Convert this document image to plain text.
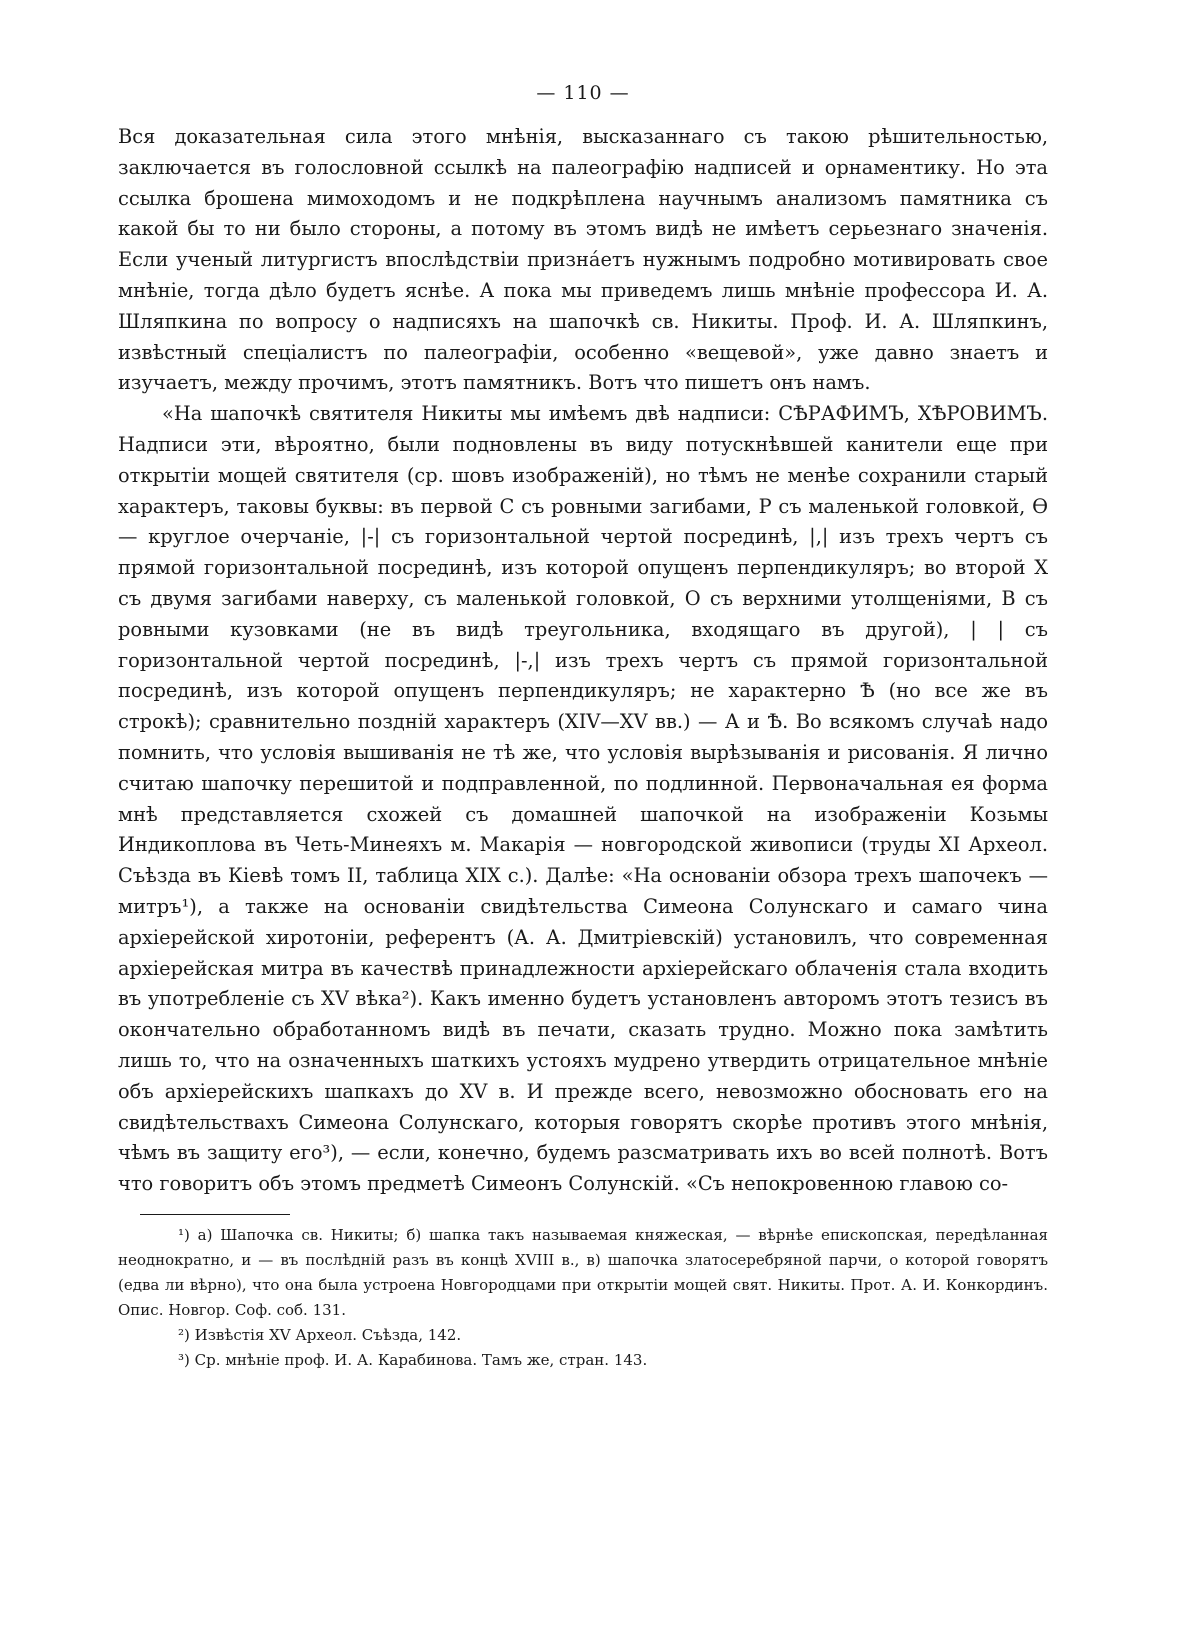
— 110 —

Вся доказательная сила этого мнѣнія, высказаннаго съ такою рѣшительностью, заключается въ голословной ссылкѣ на палеографію надписей и орнаментику. Но эта ссылка брошена мимоходомъ и не подкрѣплена научнымъ анализомъ памятника съ какой бы то ни было стороны, а потому въ этомъ видѣ не имѣетъ серьезнаго значенія. Если ученый литургистъ впослѣдствіи признáетъ нужнымъ подробно мотивировать свое мнѣніе, тогда дѣло будетъ яснѣе. А пока мы приведемъ лишь мнѣніе профессора И. А. Шляпкина по вопросу о надписяхъ на шапочкѣ св. Никиты. Проф. И. А. Шляпкинъ, извѣстный спеціалистъ по палеографіи, особенно «вещевой», уже давно знаетъ и изучаетъ, между прочимъ, этотъ памятникъ. Вотъ что пишетъ онъ намъ.

«На шапочкѣ святителя Никиты мы имѣемъ двѣ надписи: СѢРАФИМЪ, ХѢРОВИМЪ. Надписи эти, вѣроятно, были подновлены въ виду потускнѣвшей канители еще при открытіи мощей святителя (ср. шовъ изображеній), но тѣмъ не менѣе сохранили старый характеръ, таковы буквы: въ первой С съ ровными загибами, Р съ маленькой головкой, Ѳ — круглое очерчаніе, |-| съ горизонтальной чертой посрединѣ, |,| изъ трехъ чертъ съ прямой горизонтальной посрединѣ, изъ которой опущенъ перпендикуляръ; во второй Х съ двумя загибами наверху, съ маленькой головкой, О съ верхними утолщеніями, В съ ровными кузовками (не въ видѣ треугольника, входящаго въ другой), | | съ горизонтальной чертой посрединѣ, |-,| изъ трехъ чертъ съ прямой горизонтальной посрединѣ, изъ которой опущенъ перпендикуляръ; не характерно Ѣ (но все же въ строкѣ); сравнительно поздній характеръ (XIV—XV вв.) — А и Ѣ. Во всякомъ случаѣ надо помнить, что условія вышиванія не тѣ же, что условія вырѣзыванія и рисованія. Я лично считаю шапочку перешитой и подправленной, по подлинной. Первоначальная ея форма мнѣ представляется схожей съ домашней шапочкой на изображеніи Козьмы Индикоплова въ Четь-Минеяхъ м. Макарія — новгородской живописи (труды XI Археол. Съѣзда въ Кіевѣ томъ II, таблица XIX с.). Далѣе: «На основаніи обзора трехъ шапочекъ — митръ¹), а также на основаніи свидѣтельства Симеона Солунскаго и самаго чина архіерейской хиротоніи, референтъ (А. А. Дмитріевскій) установилъ, что современная архіерейская митра въ качествѣ принадлежности архіерейскаго облаченія стала входить въ употребленіе съ XV вѣка²). Какъ именно будетъ установленъ авторомъ этотъ тезисъ въ окончательно обработанномъ видѣ въ печати, сказать трудно. Можно пока замѣтить лишь то, что на означенныхъ шаткихъ устояхъ мудрено утвердить отрицательное мнѣніе объ архіерейскихъ шапкахъ до XV в. И прежде всего, невозможно обосновать его на свидѣтельствахъ Симеона Солунскаго, которыя говорятъ скорѣе противъ этого мнѣнія, чѣмъ въ защиту его³), — если, конечно, будемъ разсматривать ихъ во всей полнотѣ. Вотъ что говоритъ объ этомъ предметѣ Симеонъ Солунскій. «Съ непокровенною главою со-

¹) а) Шапочка св. Никиты; б) шапка такъ называемая княжеская, — вѣрнѣе епископская, передѣланная неоднократно, и — въ послѣдній разъ въ концѣ XVIII в., в) шапочка златосеребряной парчи, о которой говорятъ (едва ли вѣрно), что она была устроена Новгородцами при открытіи мощей свят. Никиты. Прот. А. И. Конкординъ. Опис. Новгор. Соф. соб. 131.

²) Извѣстія XV Археол. Съѣзда, 142.

³) Ср. мнѣніе проф. И. А. Карабинова. Тамъ же, стран. 143.
